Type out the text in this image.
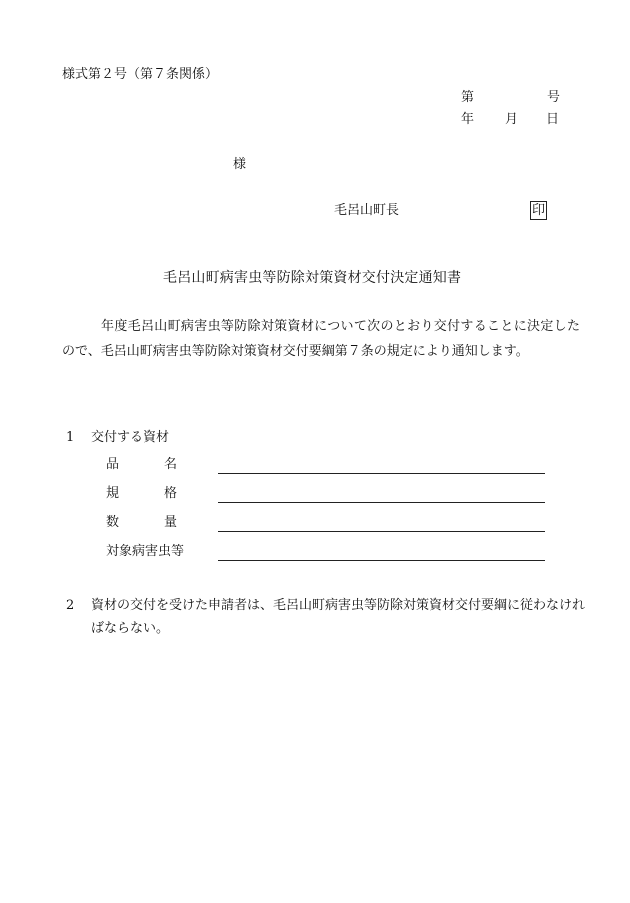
様式第２号（第７条関係）
第	号
年 月 日
様
毛呂山町長	印
毛呂山町病害虫等防除対策資材交付決定通知書
年度毛呂山町病害虫等防除対策資材について次のとおり交付することに決定したので、毛呂山町病害虫等防除対策資材交付要綱第７条の規定により通知します。
1 交付する資材
品	名
規	格
数	量
対象病害虫等
2 資材の交付を受けた申請者は、毛呂山町病害虫等防除対策資材交付要綱に従わなければならない。
